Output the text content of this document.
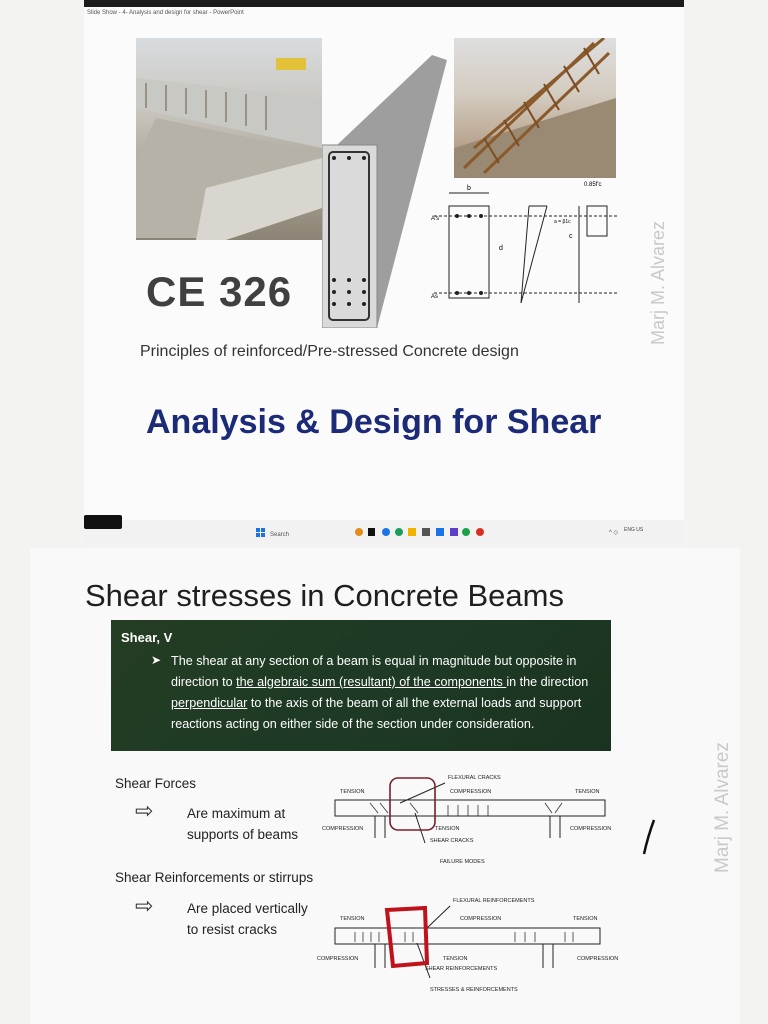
Slide Show - 4- Analysis and design for shear - PowerPoint
b
d
c
0.85f'c
A's
As
a = β1c
CE 326
Principles of reinforced/Pre-stressed Concrete design
Analysis & Design for Shear
Marj M. Alvarez
Search
ENG US
^ ◇
Shear stresses in Concrete Beams
Shear, V
➤ The shear at any section of a beam is equal in magnitude but opposite in direction to the algebraic sum (resultant) of the components in the direction perpendicular to the axis of the beam of all the external loads and support reactions acting on either side of the section under consideration.
Shear Forces
⇨ Are maximum at supports of beams
Shear Reinforcements or stirrups
⇨ Are placed vertically to resist cracks
FLEXURAL CRACKS
TENSION	COMPRESSION	TENSION
COMPRESSION	TENSION	COMPRESSION
SHEAR CRACKS
FAILURE MODES
FLEXURAL REINFORCEMENTS
TENSION	COMPRESSION	TENSION
COMPRESSION	TENSION	COMPRESSION
SHEAR REINFORCEMENTS
STRESSES & REINFORCEMENTS
Marj M. Alvarez
